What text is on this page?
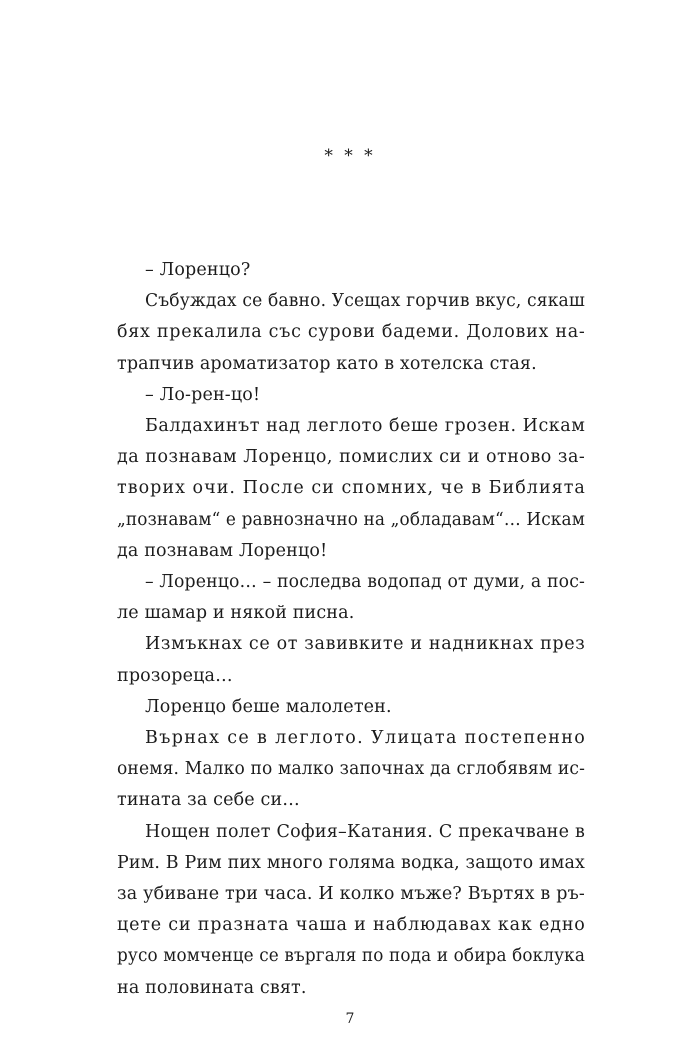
* * *
– Лоренцо?
Събуждах се бавно. Усещах горчив вкус, сякаш
бях прекалила със сурови бадеми. Долових на-
трапчив ароматизатор като в хотелска стая.
– Ло-рен-цо!
Балдахинът над леглото беше грозен. Искам
да познавам Лоренцо, помислих си и отново за-
творих очи. После си спомних, че в Библията
„познавам“ е равнозначно на „обладавам“… Искам
да познавам Лоренцо!
– Лоренцо… – последва водопад от думи, а пос-
ле шамар и някой писна.
Измъкнах се от завивките и надникнах през
прозореца…
Лоренцо беше малолетен.
Върнах се в леглото. Улицата постепенно
онемя. Малко по малко започнах да сглобявям ис-
тината за себе си…
Нощен полет София–Катания. С прекачване в
Рим. В Рим пих много голяма водка, защото имах
за убиване три часа. И колко мъже? Въртях в ръ-
цете си празната чаша и наблюдавах как едно
русо момченце се въргаля по пода и обира боклука
на половината свят.
7
